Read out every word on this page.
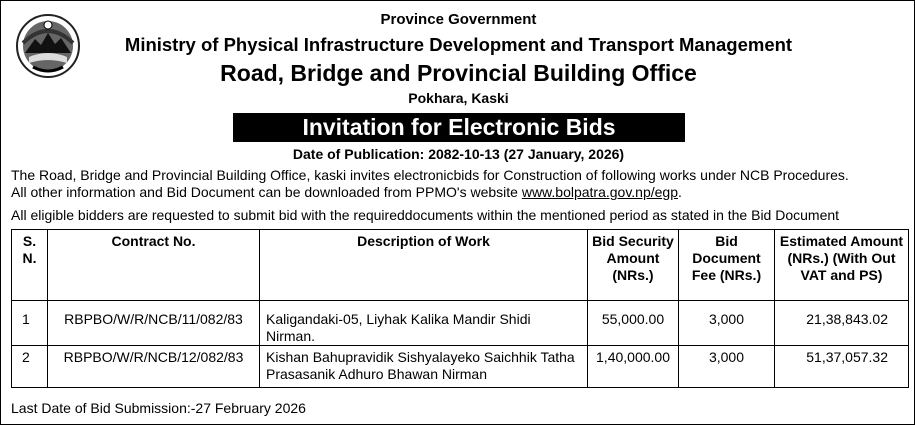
Province Government
Ministry of Physical Infrastructure Development and Transport Management
Road, Bridge and Provincial Building Office
Pokhara, Kaski
Invitation for Electronic Bids
Date of Publication: 2082-10-13 (27 January, 2026)
The Road, Bridge and Provincial Building Office, kaski invites electronicbids for Construction of following works under NCB Procedures.
All other information and Bid Document can be downloaded from PPMO's website www.bolpatra.gov.np/egp.
All eligible bidders are requested to submit bid with the requireddocuments within the mentioned period as stated in the Bid Document
S. N.	Contract No.	Description of Work	Bid Security Amount (NRs.)	Bid Document Fee (NRs.)	Estimated Amount (NRs.) (With Out VAT and PS)

1	RBPBO/W/R/NCB/11/082/83	Kaligandaki-05, Liyhak Kalika Mandir Shidi Nirman.	55,000.00	3,000	21,38,843.02

2	RBPBO/W/R/NCB/12/082/83	Kishan Bahupravidik Sishyalayeko Saichhik Tatha Prasasanik Adhuro Bhawan Nirman	1,40,000.00	3,000	51,37,057.32
Last Date of Bid Submission:-27 February 2026
